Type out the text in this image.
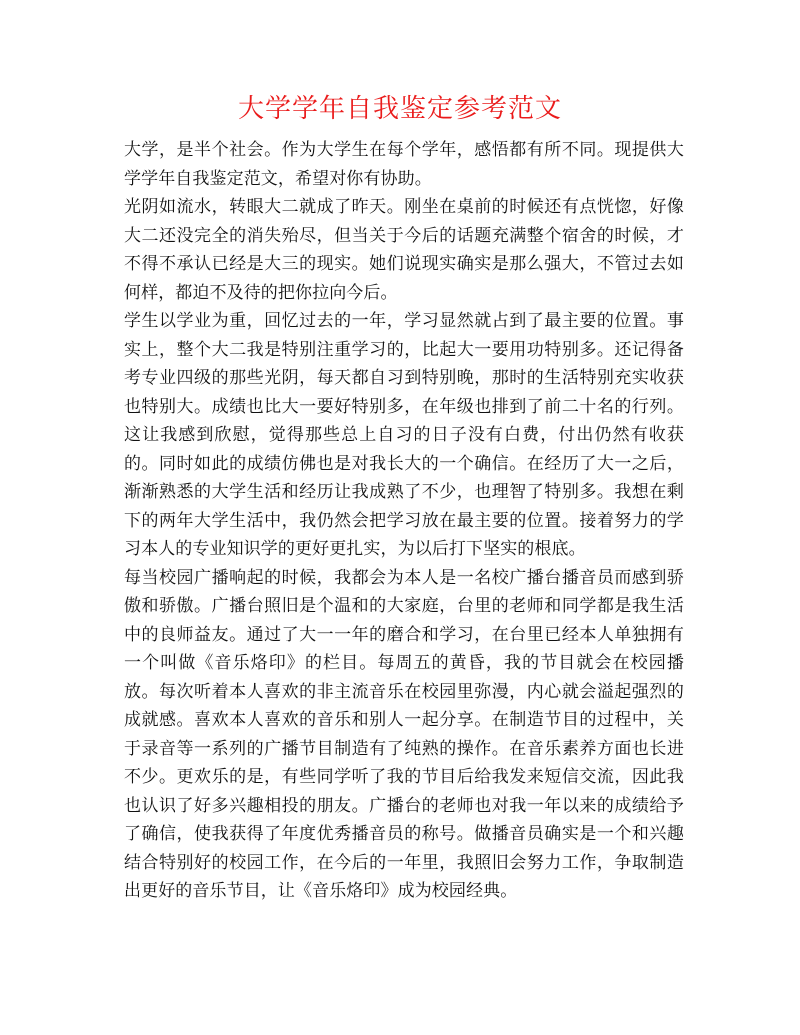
大学学年自我鉴定参考范文

大学，是半个社会。作为大学生在每个学年，感悟都有所不同。现提供大学学年自我鉴定范文，希望对你有协助。

光阴如流水，转眼大二就成了昨天。刚坐在桌前的时候还有点恍惚，好像大二还没完全的消失殆尽，但当关于今后的话题充满整个宿舍的时候，才不得不承认已经是大三的现实。她们说现实确实是那么强大，不管过去如何样，都迫不及待的把你拉向今后。

学生以学业为重，回忆过去的一年，学习显然就占到了最主要的位置。事实上，整个大二我是特别注重学习的，比起大一要用功特别多。还记得备考专业四级的那些光阴，每天都自习到特别晚，那时的生活特别充实收获也特别大。成绩也比大一要好特别多，在年级也排到了前二十名的行列。这让我感到欣慰，觉得那些总上自习的日子没有白费，付出仍然有收获的。同时如此的成绩仿佛也是对我长大的一个确信。在经历了大一之后，渐渐熟悉的大学生活和经历让我成熟了不少，也理智了特别多。我想在剩下的两年大学生活中，我仍然会把学习放在最主要的位置。接着努力的学习本人的专业知识学的更好更扎实，为以后打下坚实的根底。

每当校园广播响起的时候，我都会为本人是一名校广播台播音员而感到骄傲和骄傲。广播台照旧是个温和的大家庭，台里的老师和同学都是我生活中的良师益友。通过了大一一年的磨合和学习，在台里已经本人单独拥有一个叫做《音乐烙印》的栏目。每周五的黄昏，我的节目就会在校园播放。每次听着本人喜欢的非主流音乐在校园里弥漫，内心就会溢起强烈的成就感。喜欢本人喜欢的音乐和别人一起分享。在制造节目的过程中，关于录音等一系列的广播节目制造有了纯熟的操作。在音乐素养方面也长进不少。更欢乐的是，有些同学听了我的节目后给我发来短信交流，因此我也认识了好多兴趣相投的朋友。广播台的老师也对我一年以来的成绩给予了确信，使我获得了年度优秀播音员的称号。做播音员确实是一个和兴趣结合特别好的校园工作，在今后的一年里，我照旧会努力工作，争取制造出更好的音乐节目，让《音乐烙印》成为校园经典。
